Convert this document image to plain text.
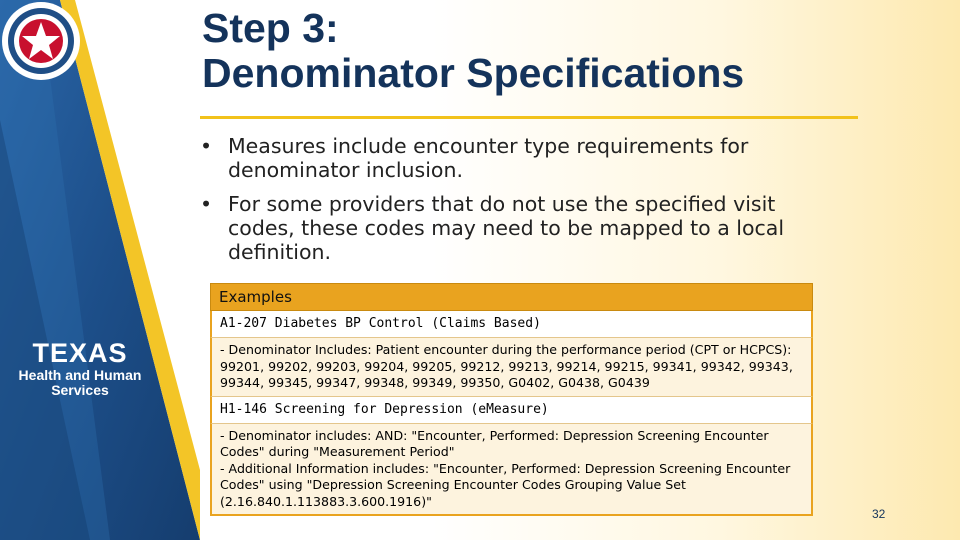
TEXAS
Health and Human
Services
Step 3:
Denominator Specifications
• Measures include encounter type requirements for denominator inclusion.
• For some providers that do not use the specified visit codes, these codes may need to be mapped to a local definition.
Examples
A1-207 Diabetes BP Control (Claims Based)
- Denominator Includes: Patient encounter during the performance period (CPT or HCPCS): 99201, 99202, 99203, 99204, 99205, 99212, 99213, 99214, 99215, 99341, 99342, 99343, 99344, 99345, 99347, 99348, 99349, 99350, G0402, G0438, G0439
H1-146 Screening for Depression (eMeasure)
- Denominator includes: AND: "Encounter, Performed: Depression Screening Encounter Codes" during "Measurement Period"
- Additional Information includes: "Encounter, Performed: Depression Screening Encounter Codes" using "Depression Screening Encounter Codes Grouping Value Set (2.16.840.1.113883.3.600.1916)"
32
